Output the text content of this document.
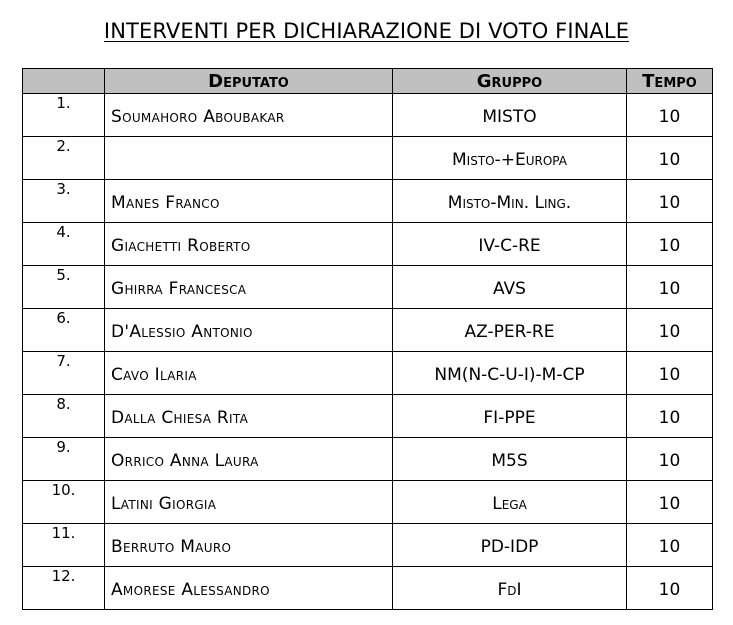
INTERVENTI PER DICHIARAZIONE DI VOTO FINALE
	Deputato	Gruppo	Tempo
1.	Soumahoro Aboubakar	MISTO	10
2.		Misto-+Europa	10
3.	Manes Franco	Misto-Min. Ling.	10
4.	Giachetti Roberto	IV-C-RE	10
5.	Ghirra Francesca	AVS	10
6.	D'Alessio Antonio	AZ-PER-RE	10
7.	Cavo Ilaria	NM(N-C-U-I)-M-CP	10
8.	Dalla Chiesa Rita	FI-PPE	10
9.	Orrico Anna Laura	M5S	10
10.	Latini Giorgia	Lega	10
11.	Berruto Mauro	PD-IDP	10
12.	Amorese Alessandro	FdI	10
